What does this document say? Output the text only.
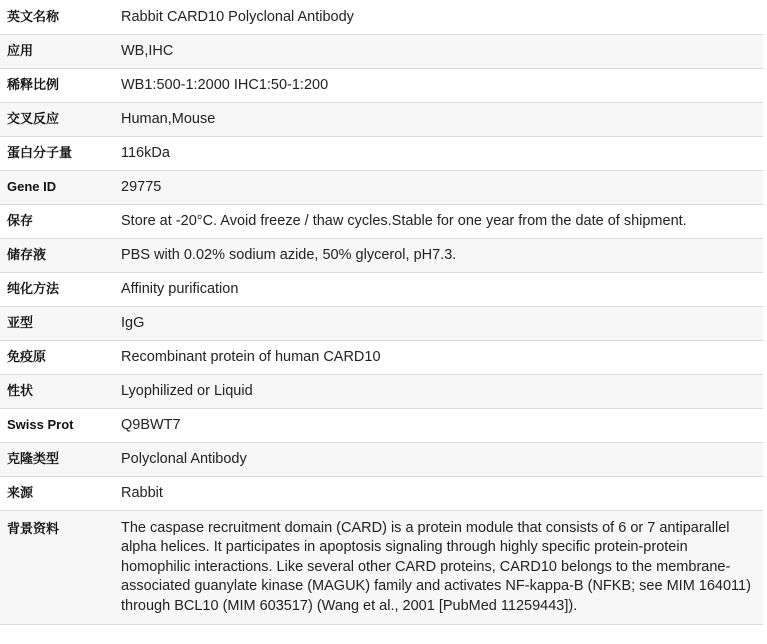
英文名称	Rabbit CARD10 Polyclonal Antibody
应用	WB,IHC
稀释比例	WB1:500-1:2000 IHC1:50-1:200
交叉反应	Human,Mouse
蛋白分子量	116kDa
Gene ID	29775
保存	Store at -20°C. Avoid freeze / thaw cycles.Stable for one year from the date of shipment.
储存液	PBS with 0.02% sodium azide, 50% glycerol, pH7.3.
纯化方法	Affinity purification
亚型	IgG
免疫原	Recombinant protein of human CARD10
性状	Lyophilized or Liquid
Swiss Prot	Q9BWT7
克隆类型	Polyclonal Antibody
来源	Rabbit
背景资料	The caspase recruitment domain (CARD) is a protein module that consists of 6 or 7 antiparallel alpha helices. It participates in apoptosis signaling through highly specific protein-protein homophilic interactions. Like several other CARD proteins, CARD10 belongs to the membrane-associated guanylate kinase (MAGUK) family and activates NF-kappa-B (NFKB; see MIM 164011) through BCL10 (MIM 603517) (Wang et al., 2001 [PubMed 11259443]).
